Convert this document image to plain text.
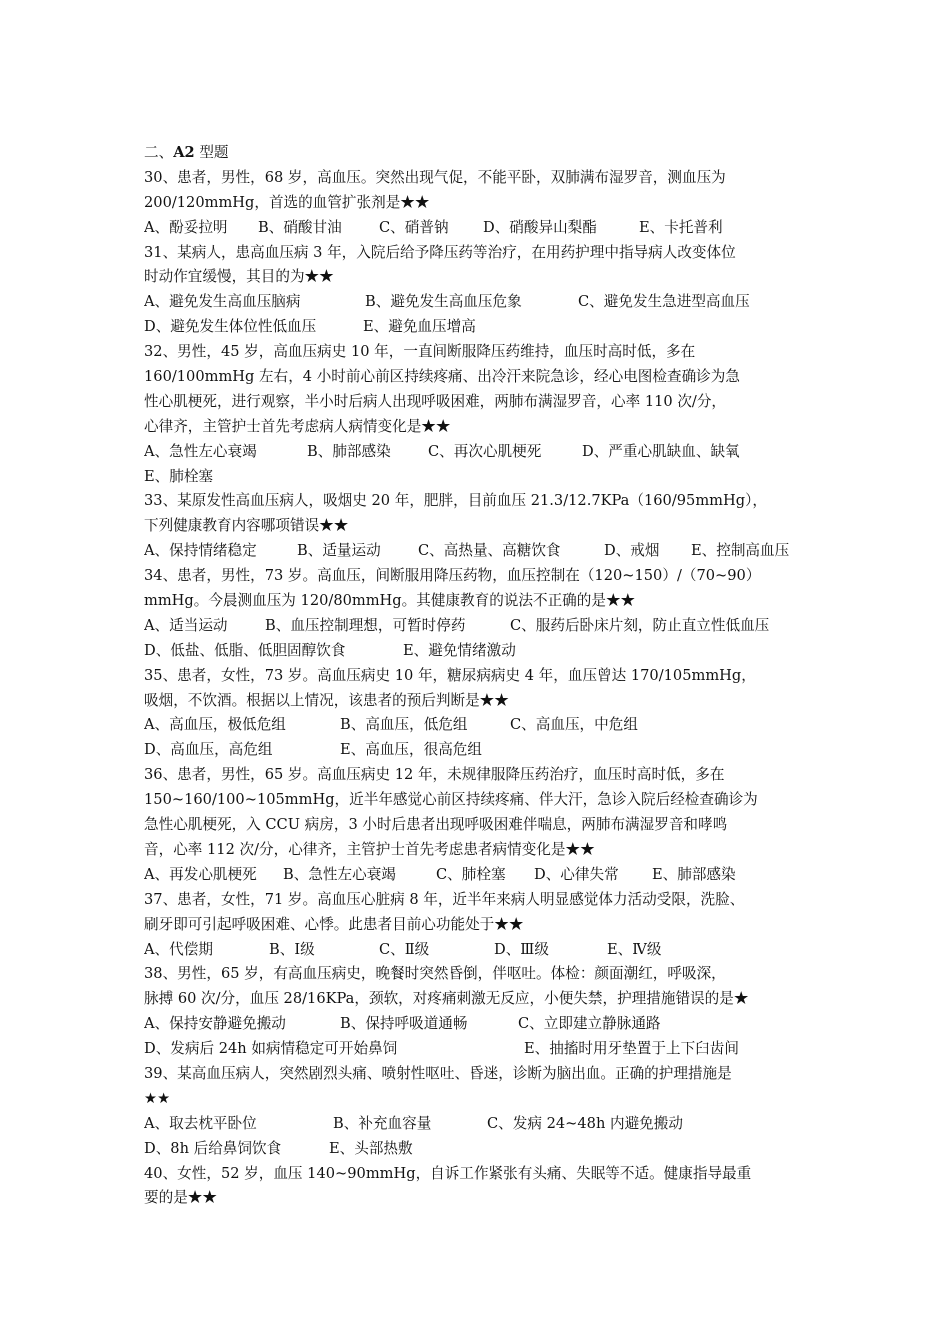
二、A2 型题
30、患者，男性，68 岁，高血压。突然出现气促，不能平卧，双肺满布湿罗音，测血压为
200/120mmHg，首选的血管扩张剂是★★
A、酚妥拉明 B、硝酸甘油	C、硝普钠 D、硝酸异山梨酯	E、卡托普利
31、某病人，患高血压病 3 年，入院后给予降压药等治疗，在用药护理中指导病人改变体位
时动作宜缓慢，其目的为★★
A、避免发生高血压脑病	B、避免发生高血压危象	C、避免发生急进型高血压
D、避免发生体位性低血压	E、避免血压增高
32、男性，45 岁，高血压病史 10 年，一直间断服降压药维持，血压时高时低，多在
160/100mmHg 左右，4 小时前心前区持续疼痛、出冷汗来院急诊，经心电图检查确诊为急
性心肌梗死，进行观察，半小时后病人出现呼吸困难，两肺布满湿罗音，心率 110 次/分，
心律齐，主管护士首先考虑病人病情变化是★★
A、急性左心衰竭	B、肺部感染	C、再次心肌梗死	D、严重心肌缺血、缺氧
E、肺栓塞
33、某原发性高血压病人，吸烟史 20 年，肥胖，目前血压 21.3/12.7KPa（160/95mmHg），
下列健康教育内容哪项错误★★
A、保持情绪稳定	B、适量运动	C、高热量、高糖饮食	D、戒烟 E、控制高血压
34、患者，男性，73 岁。高血压，间断服用降压药物，血压控制在（120~150）/（70~90）
mmHg。今晨测血压为 120/80mmHg。其健康教育的说法不正确的是★★
A、适当运动	B、血压控制理想，可暂时停药	C、服药后卧床片刻，防止直立性低血压
D、低盐、低脂、低胆固醇饮食	E、避免情绪激动
35、患者，女性，73 岁。高血压病史 10 年，糖尿病病史 4 年，血压曾达 170/105mmHg，
吸烟，不饮酒。根据以上情况，该患者的预后判断是★★
A、高血压，极低危组	B、高血压，低危组	C、高血压，中危组
D、高血压，高危组	E、高血压，很高危组
36、患者，男性，65 岁。高血压病史 12 年，未规律服降压药治疗，血压时高时低，多在
150~160/100~105mmHg，近半年感觉心前区持续疼痛、伴大汗，急诊入院后经检查确诊为
急性心肌梗死，入 CCU 病房，3 小时后患者出现呼吸困难伴喘息，两肺布满湿罗音和哮鸣
音，心率 112 次/分，心律齐，主管护士首先考虑患者病情变化是★★
A、再发心肌梗死 B、急性左心衰竭	C、肺栓塞 D、心律失常 E、肺部感染
37、患者，女性，71 岁。高血压心脏病 8 年，近半年来病人明显感觉体力活动受限，洗脸、
刷牙即可引起呼吸困难、心悸。此患者目前心功能处于★★
A、代偿期	B、Ⅰ级	C、Ⅱ级	D、Ⅲ级	E、Ⅳ级
38、男性，65 岁，有高血压病史，晚餐时突然昏倒，伴呕吐。体检：颜面潮红，呼吸深，
脉搏 60 次/分，血压 28/16KPa，颈软，对疼痛刺激无反应，小便失禁，护理措施错误的是★
A、保持安静避免搬动	B、保持呼吸道通畅	C、立即建立静脉通路
D、发病后 24h 如病情稳定可开始鼻饲	E、抽搐时用牙垫置于上下臼齿间
39、某高血压病人，突然剧烈头痛、喷射性呕吐、昏迷，诊断为脑出血。正确的护理措施是
★★
A、取去枕平卧位	B、补充血容量	C、发病 24~48h 内避免搬动
D、8h 后给鼻饲饮食	E、头部热敷
40、女性，52 岁，血压 140~90mmHg，自诉工作紧张有头痛、失眠等不适。健康指导最重
要的是★★
